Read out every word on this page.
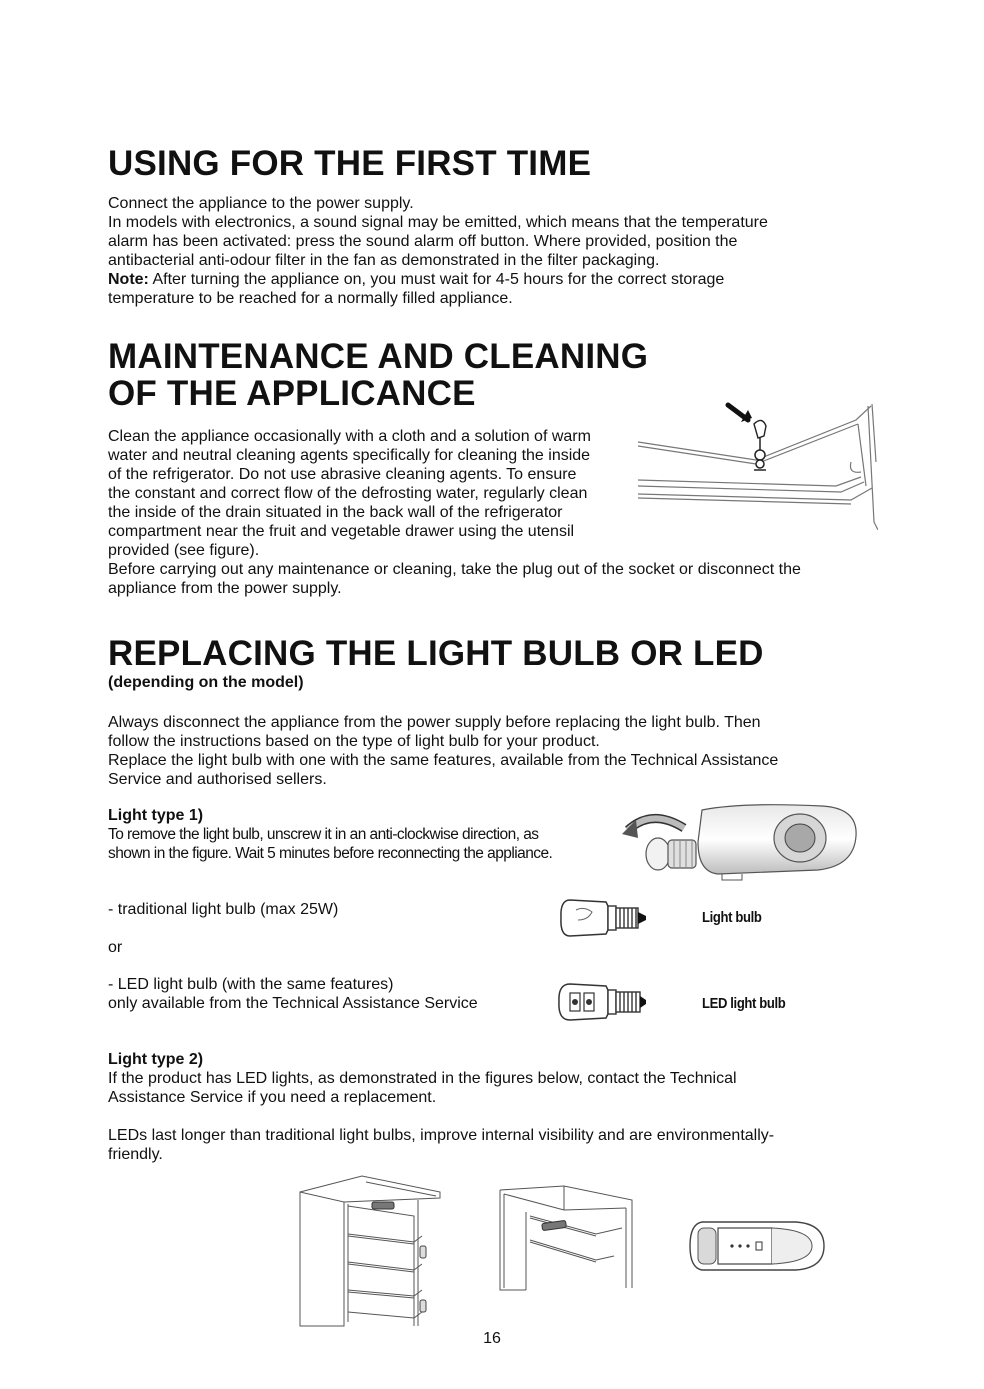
USING FOR THE FIRST TIME

Connect the appliance to the power supply.

In models with electronics, a sound signal may be emitted, which means that the temperature

alarm has been activated: press the sound alarm off button. Where provided, position the

antibacterial anti-odour filter in the fan as demonstrated in the filter packaging.

Note: After turning the appliance on, you must wait for 4-5 hours for the correct storage

temperature to be reached for a normally filled appliance.

MAINTENANCE AND CLEANING
OF THE APPLICANCE

Clean the appliance occasionally with a cloth and a solution of warm

water and neutral cleaning agents specifically for cleaning the inside

of the refrigerator. Do not use abrasive cleaning agents. To ensure

the constant and correct flow of the defrosting water, regularly clean

the inside of the drain situated in the back wall of the refrigerator

compartment near the fruit and vegetable drawer using the utensil

provided (see figure).

Before carrying out any maintenance or cleaning, take the plug out of the socket or disconnect the

appliance from the power supply.

REPLACING THE LIGHT BULB OR LED
(depending on the model)

Always disconnect the appliance from the power supply before replacing the light bulb. Then

follow the instructions based on the type of light bulb for your product.

Replace the light bulb with one with the same features, available from the Technical Assistance

Service and authorised sellers.

Light type 1)
To remove the light bulb, unscrew it in an anti-clockwise direction, as
shown in the figure. Wait 5 minutes before reconnecting the appliance.
- traditional light bulb (max 25W)
or

- LED light bulb (with the same features)

only available from the Technical Assistance Service

Light bulb
LED light bulb
Light type 2)

If the product has LED lights, as demonstrated in the figures below, contact the Technical

Assistance Service if you need a replacement.

LEDs last longer than traditional light bulbs, improve internal visibility and are environmentally-

friendly.

16
